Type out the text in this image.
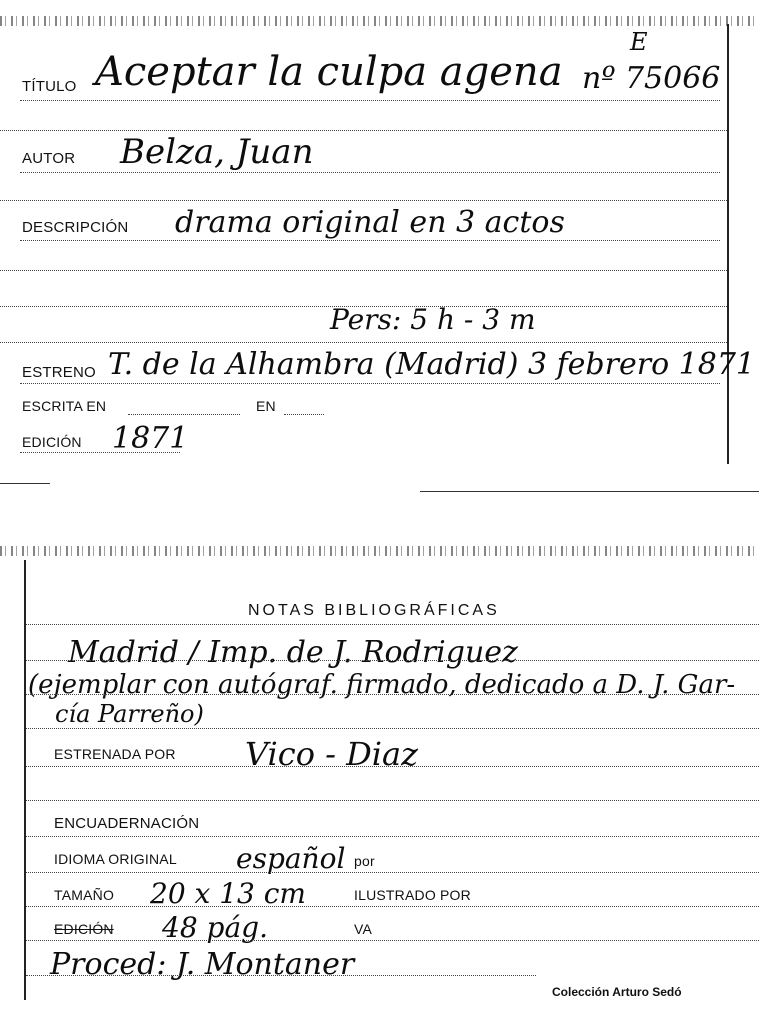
TÍTULO Aceptar la culpa agena
E
nº 75066
AUTOR Belza, Juan
DESCRIPCIÓN drama original en 3 actos
Pers: 5 h - 3 m
ESTRENO T. de la Alhambra (Madrid) 3 febrero 1871
ESCRITA EN	EN
EDICIÓN 1871
NOTAS BIBLIOGRÁFICAS
Madrid / Imp. de J. Rodriguez
(ejemplar con autógraf. firmado, dedicado a D. J. Gar-
cía Parreño)
ESTRENADA POR Vico - Diaz
ENCUADERNACIÓN
IDIOMA ORIGINAL español por
TAMAÑO 20 x 13 cm	ILUSTRADO POR
EDICIÓN 48 pág.	VA
Proced: J. Montaner
Colección Arturo Sedó
